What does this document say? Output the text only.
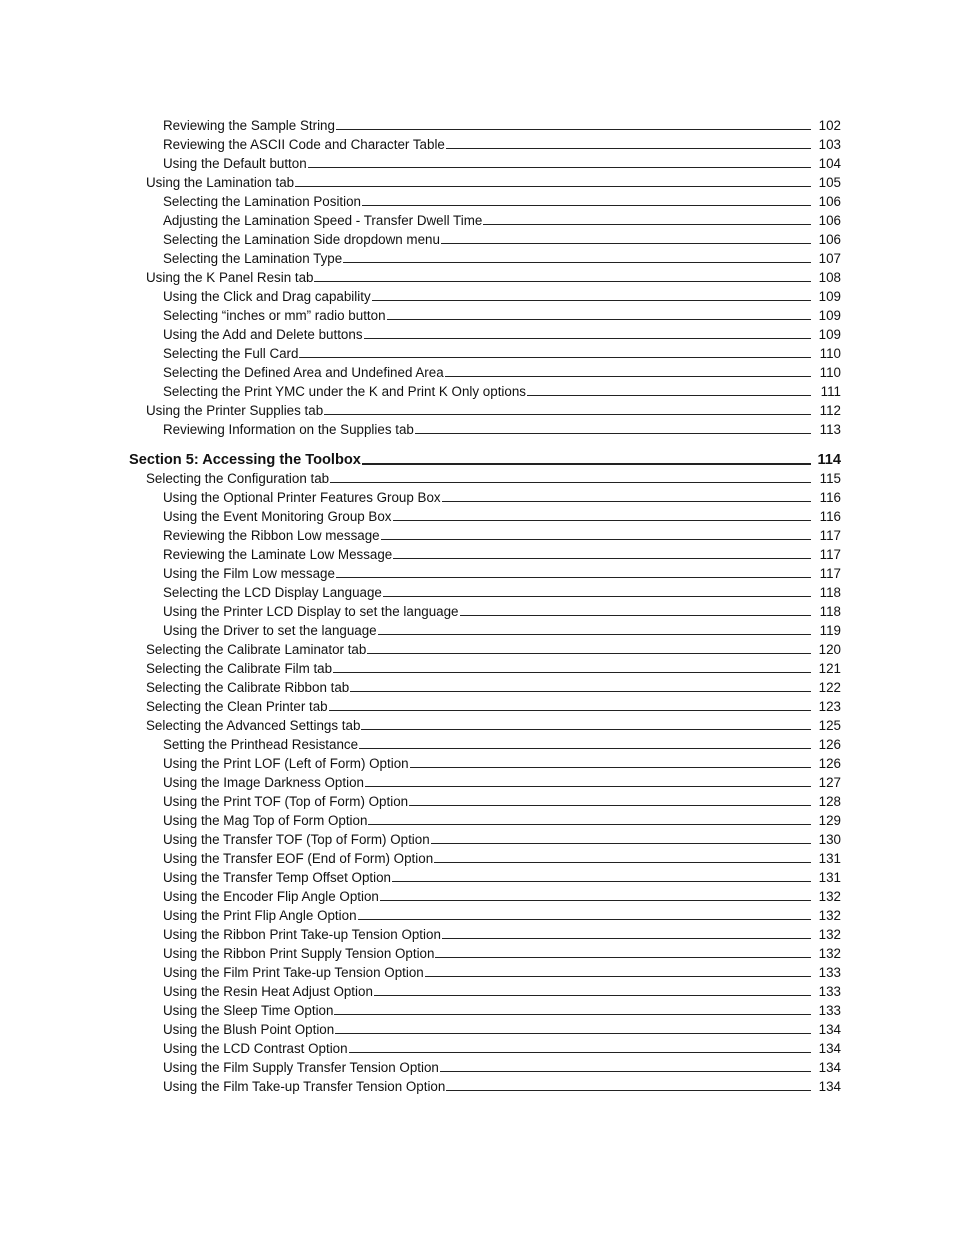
Reviewing the Sample String	102
Reviewing the ASCII Code and Character Table	103
Using the Default button	104
Using the Lamination tab	105
Selecting the Lamination Position	106
Adjusting the Lamination Speed - Transfer Dwell Time	106
Selecting the Lamination Side dropdown menu	106
Selecting the Lamination Type	107
Using the K Panel Resin tab	108
Using the Click and Drag capability	109
Selecting “inches or mm” radio button	109
Using the Add and Delete buttons	109
Selecting the Full Card	110
Selecting the Defined Area and Undefined Area	110
Selecting the Print YMC under the K and Print K Only options	111
Using the Printer Supplies tab	112
Reviewing Information on the Supplies tab	113
Section 5: Accessing the Toolbox	114
Selecting the Configuration tab	115
Using the Optional Printer Features Group Box	116
Using the Event Monitoring Group Box	116
Reviewing the Ribbon Low message	117
Reviewing the Laminate Low Message	117
Using the Film Low message	117
Selecting the LCD Display Language	118
Using the Printer LCD Display to set the language	118
Using the Driver to set the language	119
Selecting the Calibrate Laminator tab	120
Selecting the Calibrate Film tab	121
Selecting the Calibrate Ribbon tab	122
Selecting the Clean Printer tab	123
Selecting the Advanced Settings tab	125
Setting the Printhead Resistance	126
Using the Print LOF (Left of Form) Option	126
Using the Image Darkness Option	127
Using the Print TOF (Top of Form) Option	128
Using the Mag Top of Form Option	129
Using the Transfer TOF (Top of Form) Option	130
Using the Transfer EOF (End of Form) Option	131
Using the Transfer Temp Offset Option	131
Using the Encoder Flip Angle Option	132
Using the Print Flip Angle Option	132
Using the Ribbon Print Take-up Tension Option	132
Using the Ribbon Print Supply Tension Option	132
Using the Film Print Take-up Tension Option	133
Using the Resin Heat Adjust Option	133
Using the Sleep Time Option	133
Using the Blush Point Option	134
Using the LCD Contrast Option	134
Using the Film Supply Transfer Tension Option	134
Using the Film Take-up Transfer Tension Option	134
